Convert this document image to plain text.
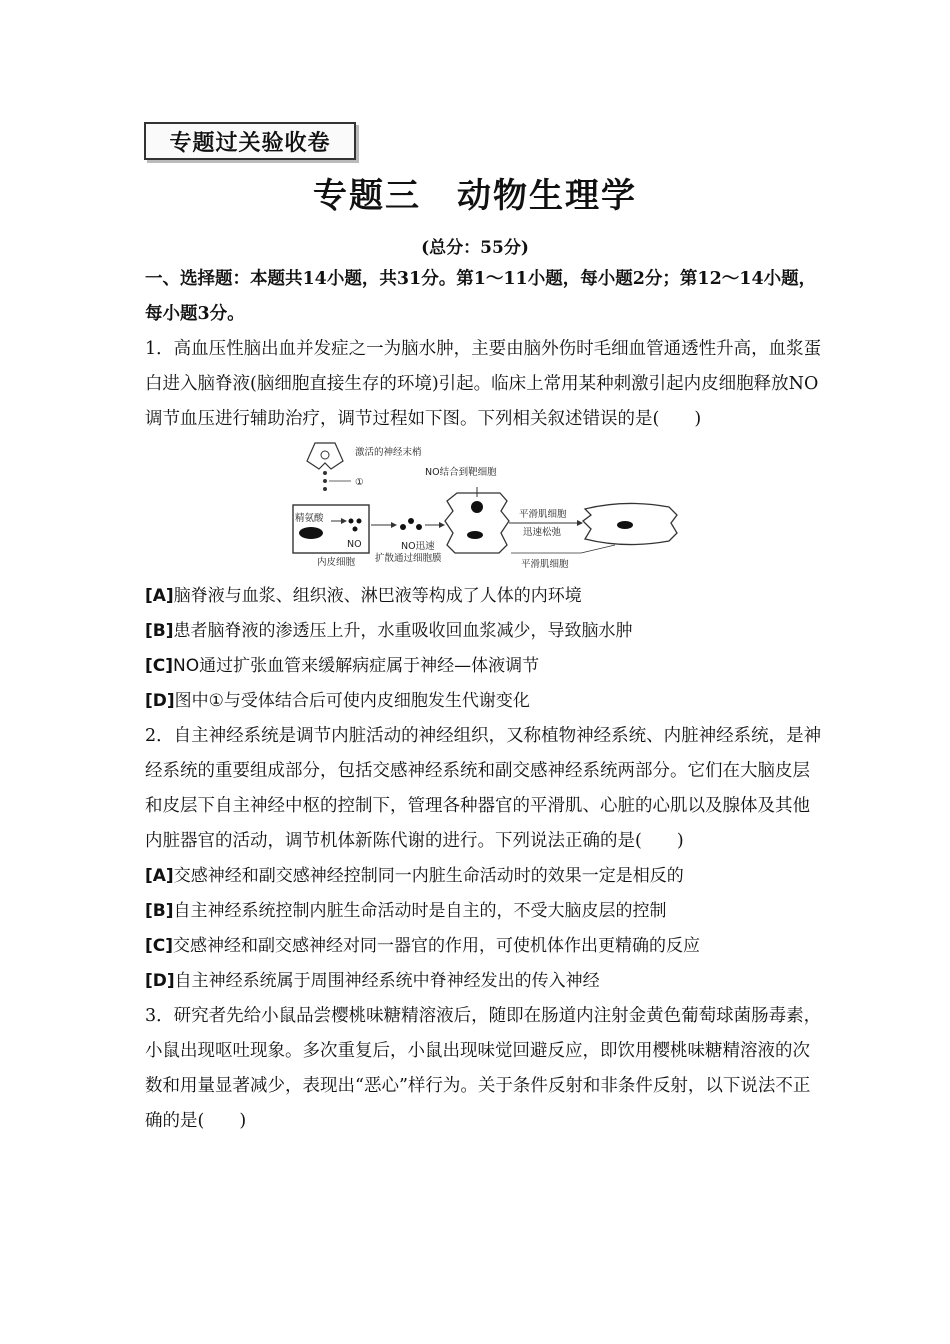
专题过关验收卷
专题三　动物生理学
(总分：55分)

一、选择题：本题共14小题，共31分。第1～11小题，每小题2分；第12～14小题，每小题3分。

1．高血压性脑出血并发症之一为脑水肿，主要由脑外伤时毛细血管通透性升高，血浆蛋白进入脑脊液(脑细胞直接生存的环境)引起。临床上常用某种刺激引起内皮细胞释放NO调节血压进行辅助治疗，调节过程如下图。下列相关叙述错误的是(　　)

激活的神经末梢
①
精氨酸
NO
内皮细胞
NO迅速
扩散通过细胞膜
NO结合到靶细胞
平滑肌细胞
迅速松弛
平滑肌细胞

[A]脑脊液与血浆、组织液、淋巴液等构成了人体的内环境

[B]患者脑脊液的渗透压上升，水重吸收回血浆减少，导致脑水肿

[C]NO通过扩张血管来缓解病症属于神经—体液调节

[D]图中①与受体结合后可使内皮细胞发生代谢变化

2．自主神经系统是调节内脏活动的神经组织，又称植物神经系统、内脏神经系统，是神经系统的重要组成部分，包括交感神经系统和副交感神经系统两部分。它们在大脑皮层和皮层下自主神经中枢的控制下，管理各种器官的平滑肌、心脏的心肌以及腺体及其他内脏器官的活动，调节机体新陈代谢的进行。下列说法正确的是(　　)

[A]交感神经和副交感神经控制同一内脏生命活动时的效果一定是相反的

[B]自主神经系统控制内脏生命活动时是自主的，不受大脑皮层的控制

[C]交感神经和副交感神经对同一器官的作用，可使机体作出更精确的反应

[D]自主神经系统属于周围神经系统中脊神经发出的传入神经

3．研究者先给小鼠品尝樱桃味糖精溶液后，随即在肠道内注射金黄色葡萄球菌肠毒素，小鼠出现呕吐现象。多次重复后，小鼠出现味觉回避反应，即饮用樱桃味糖精溶液的次数和用量显著减少，表现出“恶心”样行为。关于条件反射和非条件反射，以下说法不正确的是(　　)
